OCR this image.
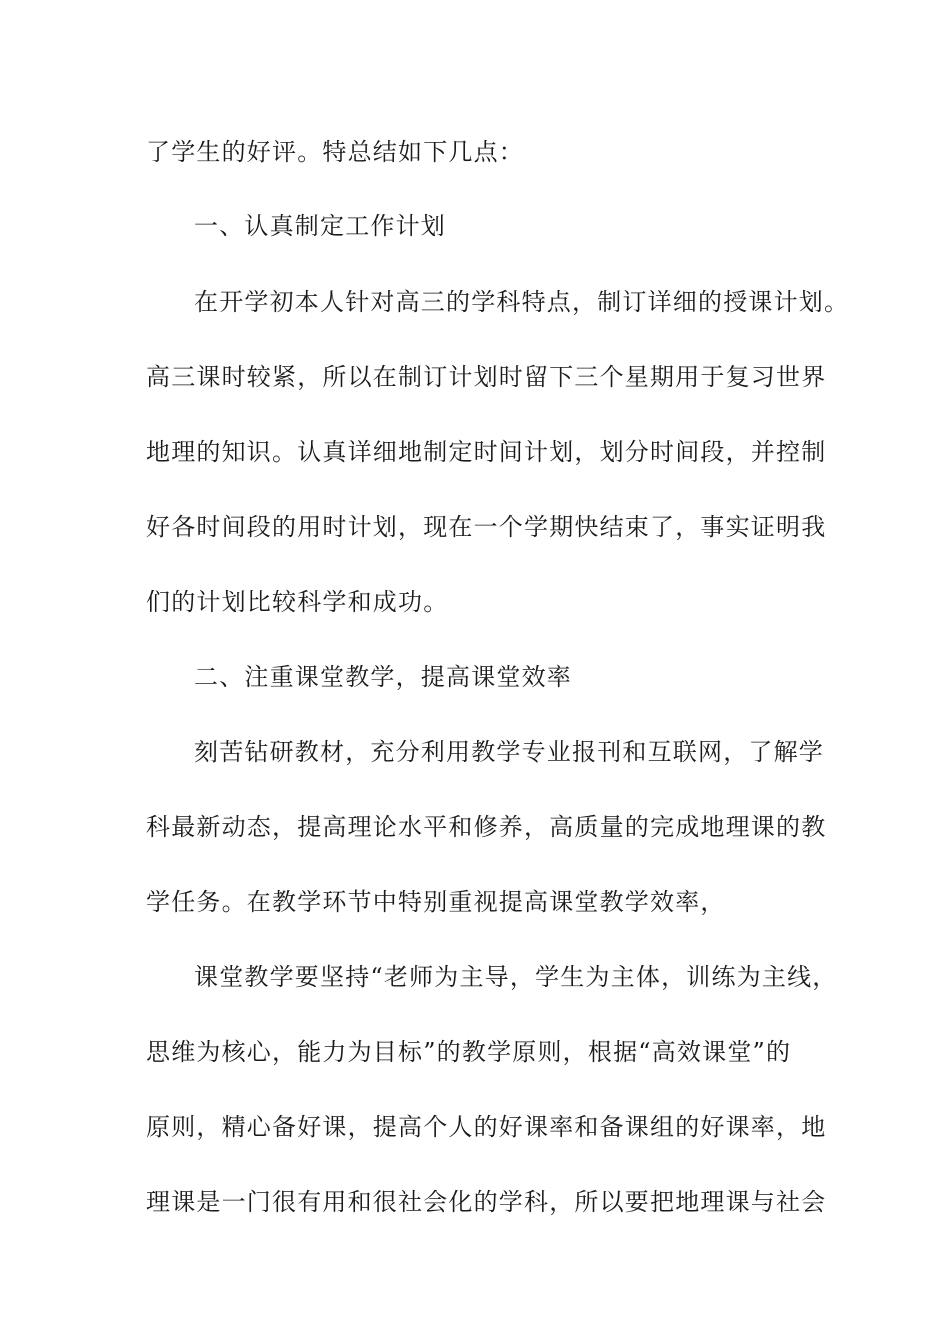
了学生的好评。特总结如下几点：

一、认真制定工作计划

在开学初本人针对高三的学科特点，制订详细的授课计划。

高三课时较紧，所以在制订计划时留下三个星期用于复习世界

地理的知识。认真详细地制定时间计划，划分时间段，并控制

好各时间段的用时计划，现在一个学期快结束了，事实证明我

们的计划比较科学和成功。

二、注重课堂教学，提高课堂效率

刻苦钻研教材，充分利用教学专业报刊和互联网，了解学

科最新动态，提高理论水平和修养，高质量的完成地理课的教

学任务。在教学环节中特别重视提高课堂教学效率，

课堂教学要坚持“老师为主导，学生为主体，训练为主线，

思维为核心，能力为目标”的教学原则，根据“高效课堂”的

原则，精心备好课，提高个人的好课率和备课组的好课率，地

理课是一门很有用和很社会化的学科，所以要把地理课与社会
